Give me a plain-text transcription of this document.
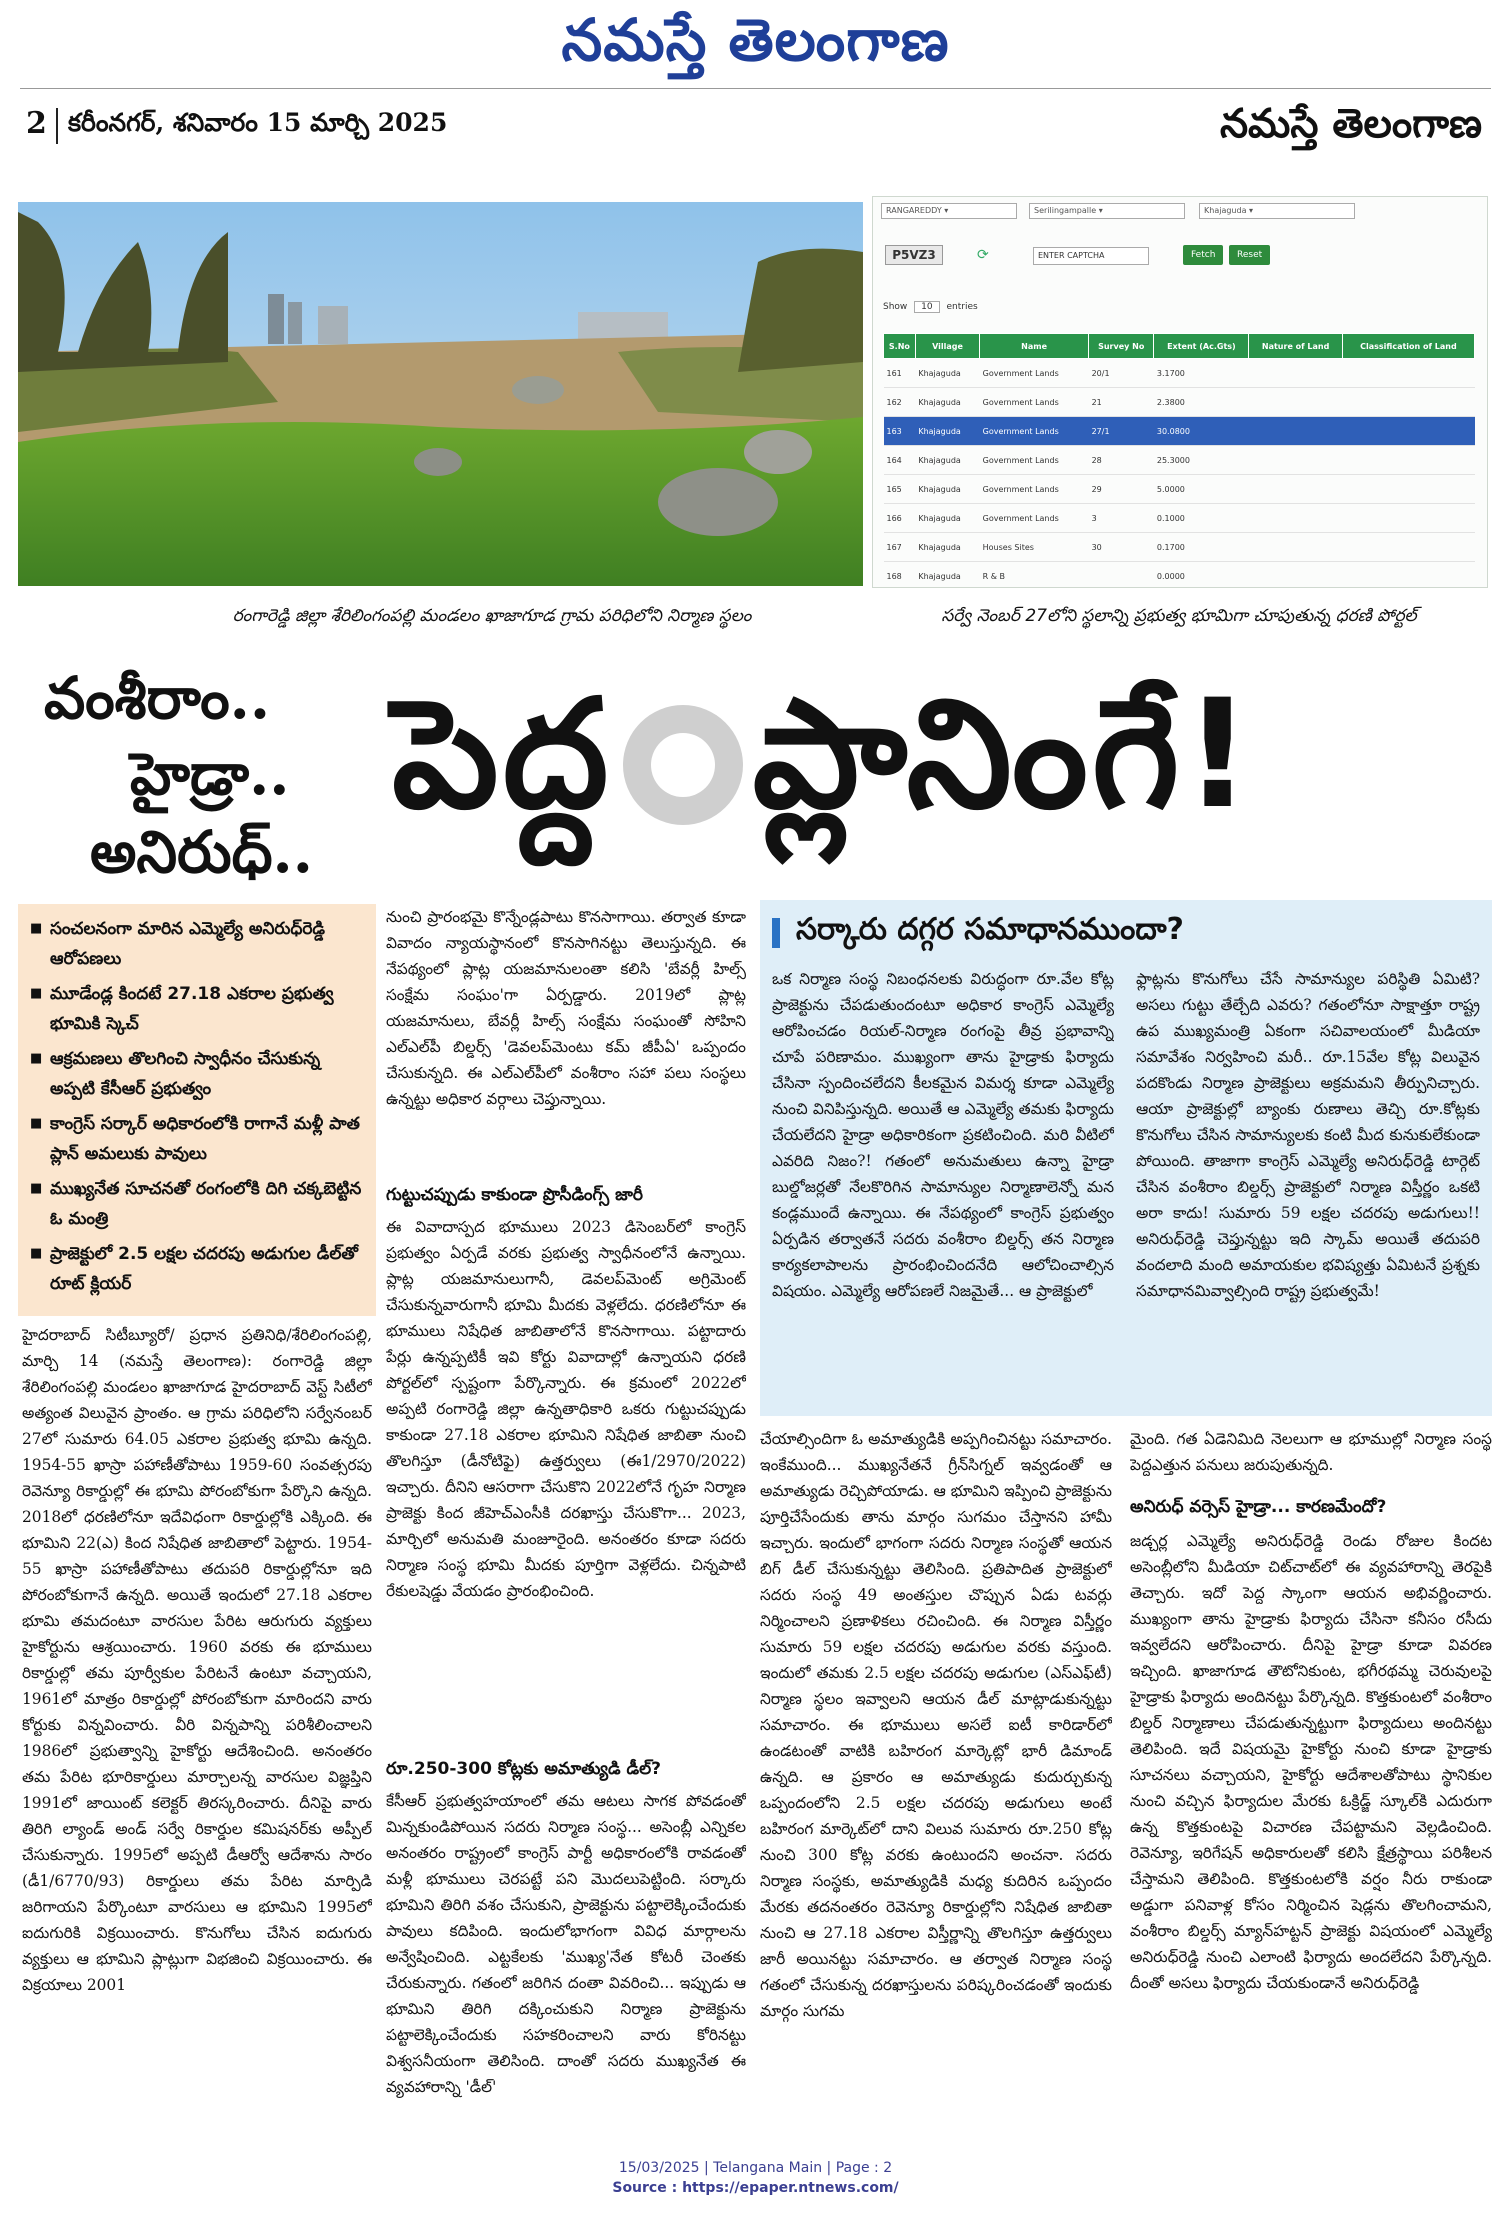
నమస్తే తెలంగాణ
2 కరీంనగర్, శనివారం 15 మార్చి 2025	నమస్తే తెలంగాణ
RANGAREDDY ▾	Serilingampalle ▾	Khajaguda ▾
P5VZ3	⟳	ENTER CAPTCHA	Fetch	Reset
Show 10 entries
S.No	Village	Name	Survey No	Extent (Ac.Gts)	Nature of Land	Classification of Land
161	Khajaguda	Government Lands	20/1	3.1700		
162	Khajaguda	Government Lands	21	2.3800		
163	Khajaguda	Government Lands	27/1	30.0800		
164	Khajaguda	Government Lands	28	25.3000		
165	Khajaguda	Government Lands	29	5.0000		
166	Khajaguda	Government Lands	3	0.1000		
167	Khajaguda	Houses Sites	30	0.1700		
168	Khajaguda	R & B		0.0000		
రంగారెడ్డి జిల్లా శేరిలింగంపల్లి మండలం ఖాజాగూడ గ్రామ పరిధిలోని నిర్మాణ స్థలం	సర్వే నెంబర్ 27లోని స్థలాన్ని ప్రభుత్వ భూమిగా చూపుతున్న ధరణి పోర్టల్
వంశీరాం..
హైడ్రా..
అనిరుధ్..
పెద్ద ప్లానింగే!
■ సంచలనంగా మారిన ఎమ్మెల్యే అనిరుధ్‌రెడ్డి ఆరోపణలు
■ మూడేండ్ల కిందటే 27.18 ఎకరాల ప్రభుత్వ భూమికి స్కెచ్
■ ఆక్రమణలు తొలగించి స్వాధీనం చేసుకున్న అప్పటి కేసీఆర్ ప్రభుత్వం
■ కాంగ్రెస్ సర్కార్ అధికారంలోకి రాగానే మళ్లీ పాత ప్లాన్ అమలుకు పావులు
■ ముఖ్యనేత సూచనతో రంగంలోకి దిగి చక్కబెట్టిన ఓ మంత్రి
■ ప్రాజెక్టులో 2.5 లక్షల చదరపు అడుగుల డీల్‌తో రూట్ క్లియర్
హైదరాబాద్ సిటీబ్యూరో/ ప్రధాన ప్రతినిధి/శేరిలింగంపల్లి, మార్చి 14 (నమస్తే తెలంగాణ): రంగారెడ్డి జిల్లా శేరిలింగంపల్లి మండలం ఖాజాగూడ హైదరాబాద్ వెస్ట్ సిటీలో అత్యంత విలువైన ప్రాంతం. ఆ గ్రామ పరిధిలోని సర్వేనంబర్ 27లో సుమారు 64.05 ఎకరాల ప్రభుత్వ భూమి ఉన్నది. 1954-55 ఖాస్రా పహాణీతోపాటు 1959-60 సంవత్సరపు రెవెన్యూ రికార్డుల్లో ఈ భూమి పోరంబోకుగా పేర్కొని ఉన్నది. 2018లో ధరణిలోనూ ఇదేవిధంగా రికార్డుల్లోకి ఎక్కింది. ఈ భూమిని 22(ఎ) కింద నిషేధిత జాబితాలో పెట్టారు. 1954-55 ఖాస్రా పహాణీతోపాటు తదుపరి రికార్డుల్లోనూ ఇది పోరంబోకుగానే ఉన్నది. అయితే ఇందులో 27.18 ఎకరాల భూమి తమదంటూ వారసుల పేరిట ఆరుగురు వ్యక్తులు హైకోర్టును ఆశ్రయించారు. 1960 వరకు ఈ భూములు రికార్డుల్లో తమ పూర్వీకుల పేరిటనే ఉంటూ వచ్చాయని, 1961లో మాత్రం రికార్డుల్లో పోరంబోకుగా మారిందని వారు కోర్టుకు విన్నవించారు. వీరి విన్నపాన్ని పరిశీలించాలని 1986లో ప్రభుత్వాన్ని హైకోర్టు ఆదేశించింది. అనంతరం తమ పేరిట భూరికార్డులు మార్చాలన్న వారసుల విజ్ఞప్తిని 1991లో జాయింట్ కలెక్టర్ తిరస్కరించారు. దీనిపై వారు తిరిగి ల్యాండ్ అండ్ సర్వే రికార్డుల కమిషనర్‌కు అప్పీల్ చేసుకున్నారు. 1995లో అప్పటి డీఆర్వో ఆదేశాను సారం (డీ1/6770/93) రికార్డులు తమ పేరిట మార్పిడి జరిగాయని పేర్కొంటూ వారసులు ఆ భూమిని 1995లో ఐదుగురికి విక్రయించారు. కొనుగోలు చేసిన ఐదుగురు వ్యక్తులు ఆ భూమిని ప్లాట్లుగా విభజించి విక్రయించారు. ఈ విక్రయాలు 2001
నుంచి ప్రారంభమై కొన్నేండ్లపాటు కొనసాగాయి. తర్వాత కూడా వివాదం న్యాయస్థానంలో కొనసాగినట్టు తెలుస్తున్నది. ఈ నేపథ్యంలో ప్లాట్ల యజమానులంతా కలిసి 'బేవర్లీ హిల్స్ సంక్షేమ సంఘం'గా ఏర్పడ్డారు. 2019లో ప్లాట్ల యజమానులు, బేవర్లీ హిల్స్ సంక్షేమ సంఘంతో సోహిని ఎల్ఎల్‌పీ బిల్డర్స్ 'డెవలప్‌మెంటు కమ్ జీపీఏ' ఒప్పందం చేసుకున్నది. ఈ ఎల్ఎల్‌పీలో వంశీరాం సహా పలు సంస్థలు ఉన్నట్టు అధికార వర్గాలు చెప్తున్నాయి.
గుట్టుచప్పుడు కాకుండా ప్రొసీడింగ్స్ జారీ
ఈ వివాదాస్పద భూములు 2023 డిసెంబర్‌లో కాంగ్రెస్ ప్రభుత్వం ఏర్పడే వరకు ప్రభుత్వ స్వాధీనంలోనే ఉన్నాయి. ప్లాట్ల యజమానులుగానీ, డెవలప్‌మెంట్ అగ్రిమెంట్ చేసుకున్నవారుగానీ భూమి మీదకు వెళ్లలేదు. ధరణిలోనూ ఈ భూములు నిషేధిత జాబితాలోనే కొనసాగాయి. పట్టాదారు పేర్లు ఉన్నప్పటికీ ఇవి కోర్టు వివాదాల్లో ఉన్నాయని ధరణి పోర్టల్‌లో స్పష్టంగా పేర్కొన్నారు. ఈ క్రమంలో 2022లో అప్పటి రంగారెడ్డి జిల్లా ఉన్నతాధికారి ఒకరు గుట్టుచప్పుడు కాకుండా 27.18 ఎకరాల భూమిని నిషేధిత జాబితా నుంచి తొలగిస్తూ (డీనోటిఫై) ఉత్తర్వులు (ఈ1/2970/2022) ఇచ్చారు. దీనిని ఆసరాగా చేసుకొని 2022లోనే గృహ నిర్మాణ ప్రాజెక్టు కింద జీహెచ్ఎంసీకి దరఖాస్తు చేసుకొగా... 2023, మార్చిలో అనుమతి మంజూరైంది. అనంతరం కూడా సదరు నిర్మాణ సంస్థ భూమి మీదకు పూర్తిగా వెళ్లలేదు. చిన్నపాటి రేకులషెడ్డు వేయడం ప్రారంభించింది.
రూ.250-300 కోట్లకు అమాత్యుడి డీల్?
కేసీఆర్ ప్రభుత్వహయాంలో తమ ఆటలు సాగక పోవడంతో మిన్నకుండిపోయిన సదరు నిర్మాణ సంస్థ... అసెంబ్లీ ఎన్నికల అనంతరం రాష్ట్రంలో కాంగ్రెస్ పార్టీ అధికారంలోకి రావడంతో మళ్లీ భూములు చెరపట్టే పని మొదలుపెట్టింది. సర్కారు భూమిని తిరిగి వశం చేసుకుని, ప్రాజెక్టును పట్టాలెక్కించేందుకు పావులు కదిపింది. ఇందులోభాగంగా వివిధ మార్గాలను అన్వేషించింది. ఎట్టకేలకు 'ముఖ్య'నేత కోటరీ చెంతకు చేరుకున్నారు. గతంలో జరిగిన దంతా వివరించి... ఇప్పుడు ఆ భూమిని తిరిగి దక్కించుకుని నిర్మాణ ప్రాజెక్టును పట్టాలెక్కించేందుకు సహకరించాలని వారు కోరినట్టు విశ్వసనీయంగా తెలిసింది. దాంతో సదరు ముఖ్యనేత ఈ వ్యవహారాన్ని 'డీల్'
సర్కారు దగ్గర సమాధానముందా?
ఒక నిర్మాణ సంస్థ నిబంధనలకు విరుద్ధంగా రూ.వేల కోట్ల ప్రాజెక్టును చేపడుతుందంటూ అధికార కాంగ్రెస్ ఎమ్మెల్యే ఆరోపించడం రియల్-నిర్మాణ రంగంపై తీవ్ర ప్రభావాన్ని చూపే పరిణామం. ముఖ్యంగా తాను హైడ్రాకు ఫిర్యాదు చేసినా స్పందించలేదని కీలకమైన విమర్శ కూడా ఎమ్మెల్యే నుంచి వినిపిస్తున్నది. అయితే ఆ ఎమ్మెల్యే తమకు ఫిర్యాదు చేయలేదని హైడ్రా అధికారికంగా ప్రకటించింది. మరి వీటిలో ఎవరిది నిజం?! గతంలో అనుమతులు ఉన్నా హైడ్రా బుల్డోజర్లతో నేలకొరిగిన సామాన్యుల నిర్మాణాలెన్నో మన కండ్లముందే ఉన్నాయి. ఈ నేపథ్యంలో కాంగ్రెస్ ప్రభుత్వం ఏర్పడిన తర్వాతనే సదరు వంశీరాం బిల్డర్స్ తన నిర్మాణ కార్యకలాపాలను ప్రారంభించిందనేది ఆలోచించాల్సిన విషయం. ఎమ్మెల్యే ఆరోపణలే నిజమైతే... ఆ ప్రాజెక్టులో
ఫ్లాట్లను కొనుగోలు చేసే సామాన్యుల పరిస్థితి ఏమిటి? అసలు గుట్టు తేల్చేది ఎవరు? గతంలోనూ సాక్షాత్తూ రాష్ట్ర ఉప ముఖ్యమంత్రి ఏకంగా సచివాలయంలో మీడియా సమావేశం నిర్వహించి మరీ.. రూ.15వేల కోట్ల విలువైన పదకొండు నిర్మాణ ప్రాజెక్టులు అక్రమమని తీర్పునిచ్చారు. ఆయా ప్రాజెక్టుల్లో బ్యాంకు రుణాలు తెచ్చి రూ.కోట్లకు కొనుగోలు చేసిన సామాన్యులకు కంటి మీద కునుకులేకుండా పోయింది. తాజాగా కాంగ్రెస్ ఎమ్మెల్యే అనిరుధ్‌రెడ్డి టార్గెట్ చేసిన వంశీరాం బిల్డర్స్ ప్రాజెక్టులో నిర్మాణ విస్తీర్ణం ఒకటి అరా కాదు! సుమారు 59 లక్షల చదరపు అడుగులు!! అనిరుధ్‌రెడ్డి చెప్తున్నట్టు ఇది స్కామ్ అయితే తదుపరి వందలాది మంది అమాయకుల భవిష్యత్తు ఏమిటనే ప్రశ్నకు సమాధానమివ్వాల్సింది రాష్ట్ర ప్రభుత్వమే!
చేయాల్సిందిగా ఓ అమాత్యుడికి అప్పగించినట్టు సమాచారం. ఇంకేముంది... ముఖ్యనేతనే గ్రీన్‌సిగ్నల్ ఇవ్వడంతో ఆ అమాత్యుడు రెచ్చిపోయాడు. ఆ భూమిని ఇప్పించి ప్రాజెక్టును పూర్తిచేసేందుకు తాను మార్గం సుగమం చేస్తానని హామీ ఇచ్చారు. ఇందులో భాగంగా సదరు నిర్మాణ సంస్థతో ఆయన బిగ్ డీల్ చేసుకున్నట్టు తెలిసింది. ప్రతిపాదిత ప్రాజెక్టులో సదరు సంస్థ 49 అంతస్తుల చొప్పున ఏడు టవర్లు నిర్మించాలని ప్రణాళికలు రచించింది. ఈ నిర్మాణ విస్తీర్ణం సుమారు 59 లక్షల చదరపు అడుగుల వరకు వస్తుంది. ఇందులో తమకు 2.5 లక్షల చదరపు అడుగుల (ఎస్ఎఫ్‌టీ) నిర్మాణ స్థలం ఇవ్వాలని ఆయన డీల్ మాట్లాడుకున్నట్టు సమాచారం. ఈ భూములు అసలే ఐటీ కారిడార్‌లో ఉండటంతో వాటికి బహిరంగ మార్కెట్లో భారీ డిమాండ్ ఉన్నది. ఆ ప్రకారం ఆ అమాత్యుడు కుదుర్చుకున్న ఒప్పందంలోని 2.5 లక్షల చదరపు అడుగులు అంటే బహిరంగ మార్కెట్‌లో దాని విలువ సుమారు రూ.250 కోట్ల నుంచి 300 కోట్ల వరకు ఉంటుందని అంచనా. సదరు నిర్మాణ సంస్థకు, అమాత్యుడికి మధ్య కుదిరిన ఒప్పందం మేరకు తదనంతరం రెవెన్యూ రికార్డుల్లోని నిషేధిత జాబితా నుంచి ఆ 27.18 ఎకరాల విస్తీర్ణాన్ని తొలగిస్తూ ఉత్తర్వులు జారీ అయినట్టు సమాచారం. ఆ తర్వాత నిర్మాణ సంస్థ గతంలో చేసుకున్న దరఖాస్తులను పరిష్కరించడంతో ఇందుకు మార్గం సుగమ
మైంది. గత ఏడెనిమిది నెలలుగా ఆ భూముల్లో నిర్మాణ సంస్థ పెద్దఎత్తున పనులు జరుపుతున్నది.
అనిరుధ్ వర్సెస్ హైడ్రా... కారణమేందో?
జడ్చర్ల ఎమ్మెల్యే అనిరుధ్‌రెడ్డి రెండు రోజుల కిందట అసెంబ్లీలోని మీడియా చిట్‌చాట్‌లో ఈ వ్యవహారాన్ని తెరపైకి తెచ్చారు. ఇదో పెద్ద స్కాంగా ఆయన అభివర్ణించారు. ముఖ్యంగా తాను హైడ్రాకు ఫిర్యాదు చేసినా కనీసం రసీదు ఇవ్వలేదని ఆరోపించారు. దీనిపై హైడ్రా కూడా వివరణ ఇచ్చింది. ఖాజాగూడ తౌటోనికుంట, భగీరథమ్మ చెరువులపై హైడ్రాకు ఫిర్యాదు అందినట్టు పేర్కొన్నది. కొత్తకుంటలో వంశీరాం బిల్డర్ నిర్మాణాలు చేపడుతున్నట్టుగా ఫిర్యాదులు అందినట్టు తెలిపింది. ఇదే విషయమై హైకోర్టు నుంచి కూడా హైడ్రాకు సూచనలు వచ్చాయని, హైకోర్టు ఆదేశాలతోపాటు స్థానికుల నుంచి వచ్చిన ఫిర్యాదుల మేరకు ఓక్రిడ్జ్ స్కూల్‌కి ఎదురుగా ఉన్న కొత్తకుంటపై విచారణ చేపట్టామని వెల్లడించింది. రెవెన్యూ, ఇరిగేషన్ అధికారులతో కలిసి క్షేత్రస్థాయి పరిశీలన చేస్తామని తెలిపింది. కొత్తకుంటలోకి వర్షం నీరు రాకుండా అడ్డుగా పనివాళ్ల కోసం నిర్మించిన షెడ్లను తొలగించామని, వంశీరాం బిల్డర్స్ మ్యాన్‌హట్టన్ ప్రాజెక్టు విషయంలో ఎమ్మెల్యే అనిరుధ్‌రెడ్డి నుంచి ఎలాంటి ఫిర్యాదు అందలేదని పేర్కొన్నది. దీంతో అసలు ఫిర్యాదు చేయకుండానే అనిరుధ్‌రెడ్డి
15/03/2025 | Telangana Main | Page : 2
Source : https://epaper.ntnews.com/
